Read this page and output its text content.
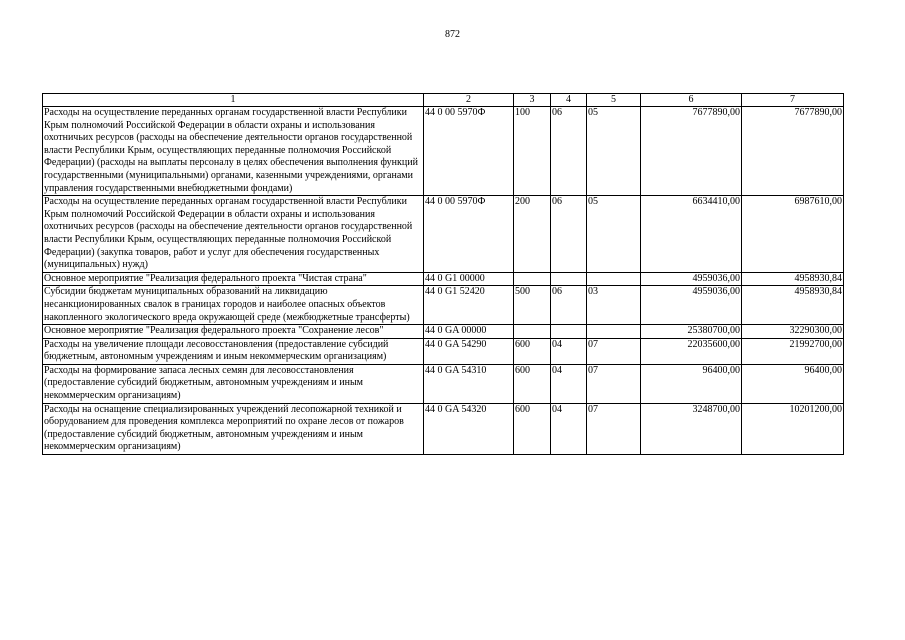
872
1	2	3	4	5	6	7
Расходы на осуществление переданных органам государственной власти Республики Крым полномочий Российской Федерации в области охраны и использования охотничьих ресурсов (расходы на обеспечение деятельности органов государственной власти Республики Крым, осуществляющих переданные полномочия Российской Федерации) (расходы на выплаты персоналу в целях обеспечения выполнения функций государственными (муниципальными) органами, казенными учреждениями, органами управления государственными внебюджетными фондами)	44 0 00 5970Ф	100	06	05	7677890,00	7677890,00
Расходы на осуществление переданных органам государственной власти Республики Крым полномочий Российской Федерации в области охраны и использования охотничьих ресурсов (расходы на обеспечение деятельности органов государственной власти Республики Крым, осуществляющих переданные полномочия Российской Федерации) (закупка товаров, работ и услуг для обеспечения государственных (муниципальных) нужд)	44 0 00 5970Ф	200	06	05	6634410,00	6987610,00
Основное мероприятие "Реализация федерального проекта "Чистая страна"	44 0 G1 00000				4959036,00	4958930,84
Субсидии бюджетам муниципальных образований на ликвидацию несанкционированных свалок в границах городов и наиболее опасных объектов накопленного экологического вреда окружающей среде (межбюджетные трансферты)	44 0 G1 52420	500	06	03	4959036,00	4958930,84
Основное мероприятие "Реализация федерального проекта "Сохранение лесов"	44 0 GA 00000				25380700,00	32290300,00
Расходы на увеличение площади лесовосстановления (предоставление субсидий бюджетным, автономным учреждениям и иным некоммерческим организациям)	44 0 GA 54290	600	04	07	22035600,00	21992700,00
Расходы на формирование запаса лесных семян для лесовосстановления (предоставление субсидий бюджетным, автономным учреждениям и иным некоммерческим организациям)	44 0 GA 54310	600	04	07	96400,00	96400,00
Расходы на оснащение специализированных учреждений лесопожарной техникой и оборудованием для проведения комплекса мероприятий по охране лесов от пожаров (предоставление субсидий бюджетным, автономным учреждениям и иным некоммерческим организациям)	44 0 GA 54320	600	04	07	3248700,00	10201200,00
